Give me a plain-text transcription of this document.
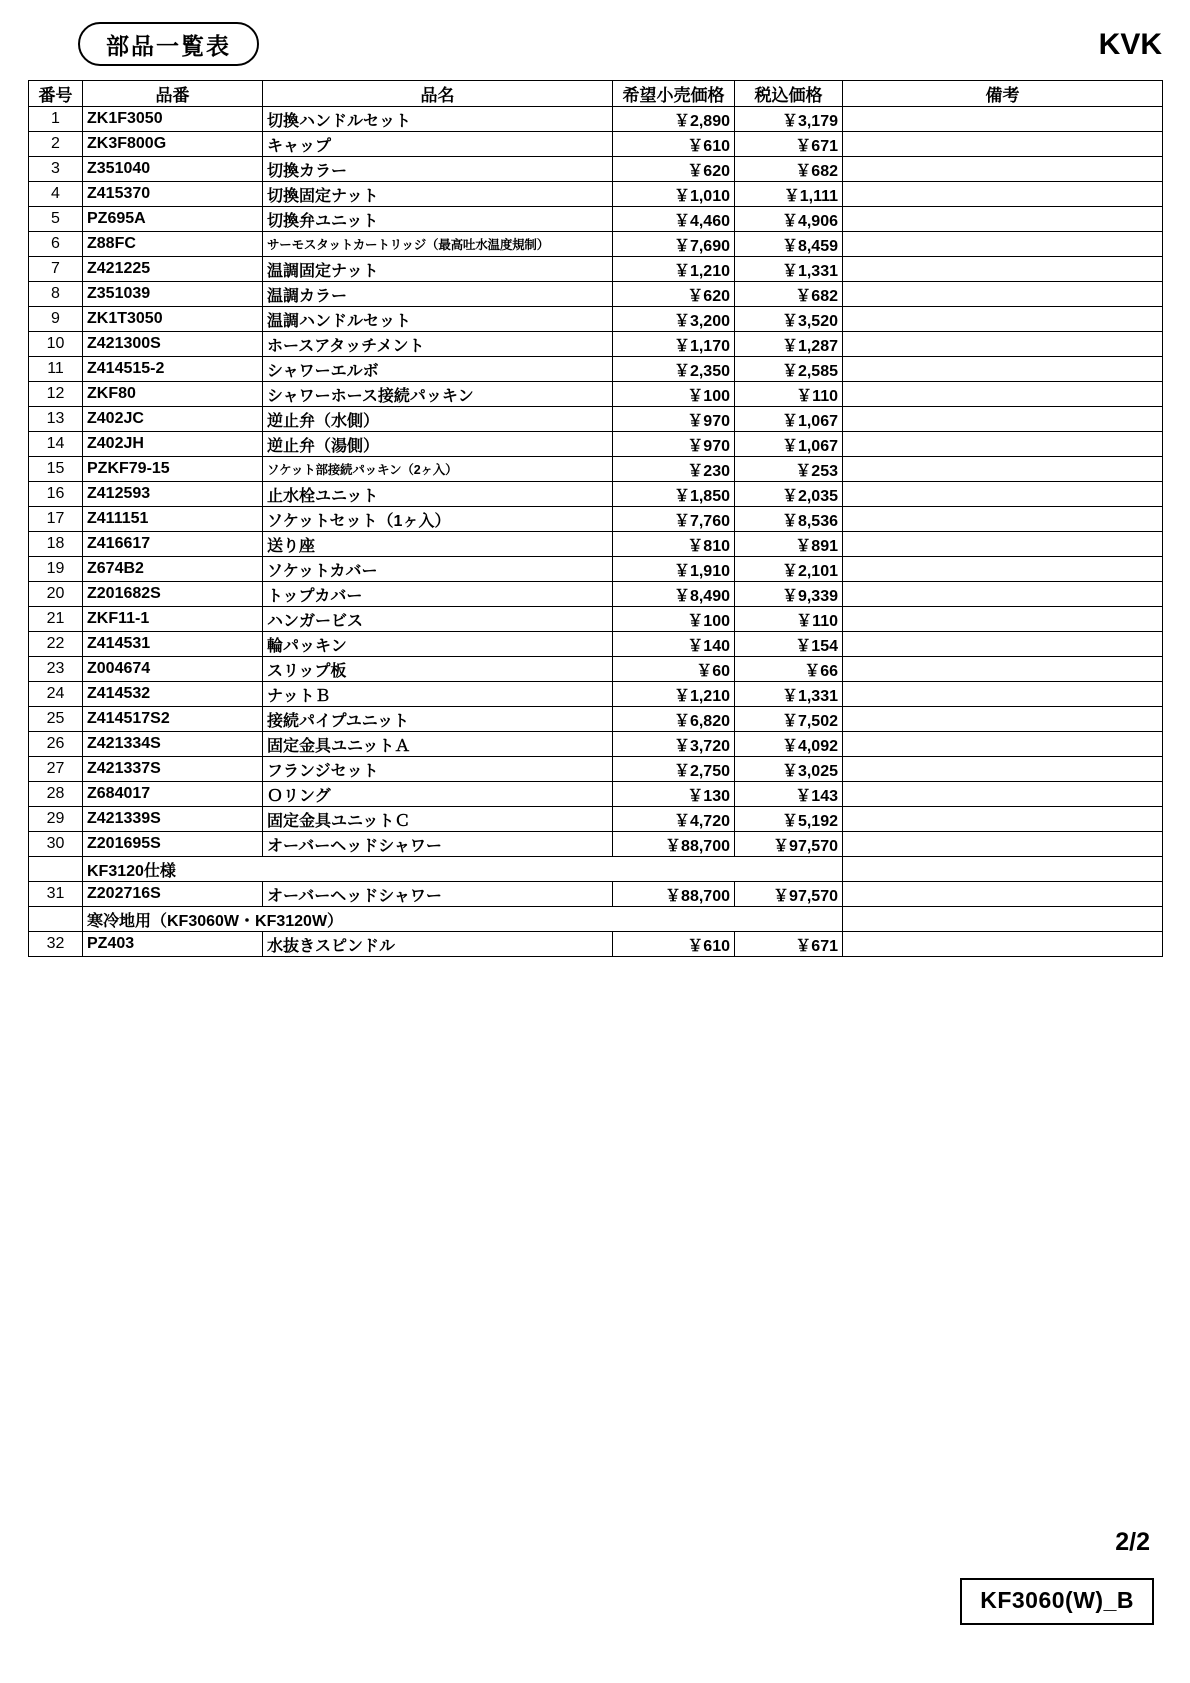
部品一覧表	KVK
番号	品番	品名	希望小売価格	税込価格	備考
1	ZK1F3050	切換ハンドルセット	￥2,890	￥3,179	
2	ZK3F800G	キャップ	￥610	￥671	
3	Z351040	切換カラー	￥620	￥682	
4	Z415370	切換固定ナット	￥1,010	￥1,111	
5	PZ695A	切換弁ユニット	￥4,460	￥4,906	
6	Z88FC	サーモスタットカートリッジ（最高吐水温度規制）	￥7,690	￥8,459	
7	Z421225	温調固定ナット	￥1,210	￥1,331	
8	Z351039	温調カラー	￥620	￥682	
9	ZK1T3050	温調ハンドルセット	￥3,200	￥3,520	
10	Z421300S	ホースアタッチメント	￥1,170	￥1,287	
11	Z414515-2	シャワーエルボ	￥2,350	￥2,585	
12	ZKF80	シャワーホース接続パッキン	￥100	￥110	
13	Z402JC	逆止弁（水側）	￥970	￥1,067	
14	Z402JH	逆止弁（湯側）	￥970	￥1,067	
15	PZKF79-15	ソケット部接続パッキン（2ヶ入）	￥230	￥253	
16	Z412593	止水栓ユニット	￥1,850	￥2,035	
17	Z411151	ソケットセット（1ヶ入）	￥7,760	￥8,536	
18	Z416617	送り座	￥810	￥891	
19	Z674B2	ソケットカバー	￥1,910	￥2,101	
20	Z201682S	トップカバー	￥8,490	￥9,339	
21	ZKF11-1	ハンガービス	￥100	￥110	
22	Z414531	輪パッキン	￥140	￥154	
23	Z004674	スリップ板	￥60	￥66	
24	Z414532	ナットＢ	￥1,210	￥1,331	
25	Z414517S2	接続パイプユニット	￥6,820	￥7,502	
26	Z421334S	固定金具ユニットＡ	￥3,720	￥4,092	
27	Z421337S	フランジセット	￥2,750	￥3,025	
28	Z684017	Ｏリング	￥130	￥143	
29	Z421339S	固定金具ユニットＣ	￥4,720	￥5,192	
30	Z201695S	オーバーヘッドシャワー	￥88,700	￥97,570	
	KF3120仕様				
31	Z202716S	オーバーヘッドシャワー	￥88,700	￥97,570	
	寒冷地用（KF3060W・KF3120W）				
32	PZ403	水抜きスピンドル	￥610	￥671	
2/2
KF3060(W)_B
